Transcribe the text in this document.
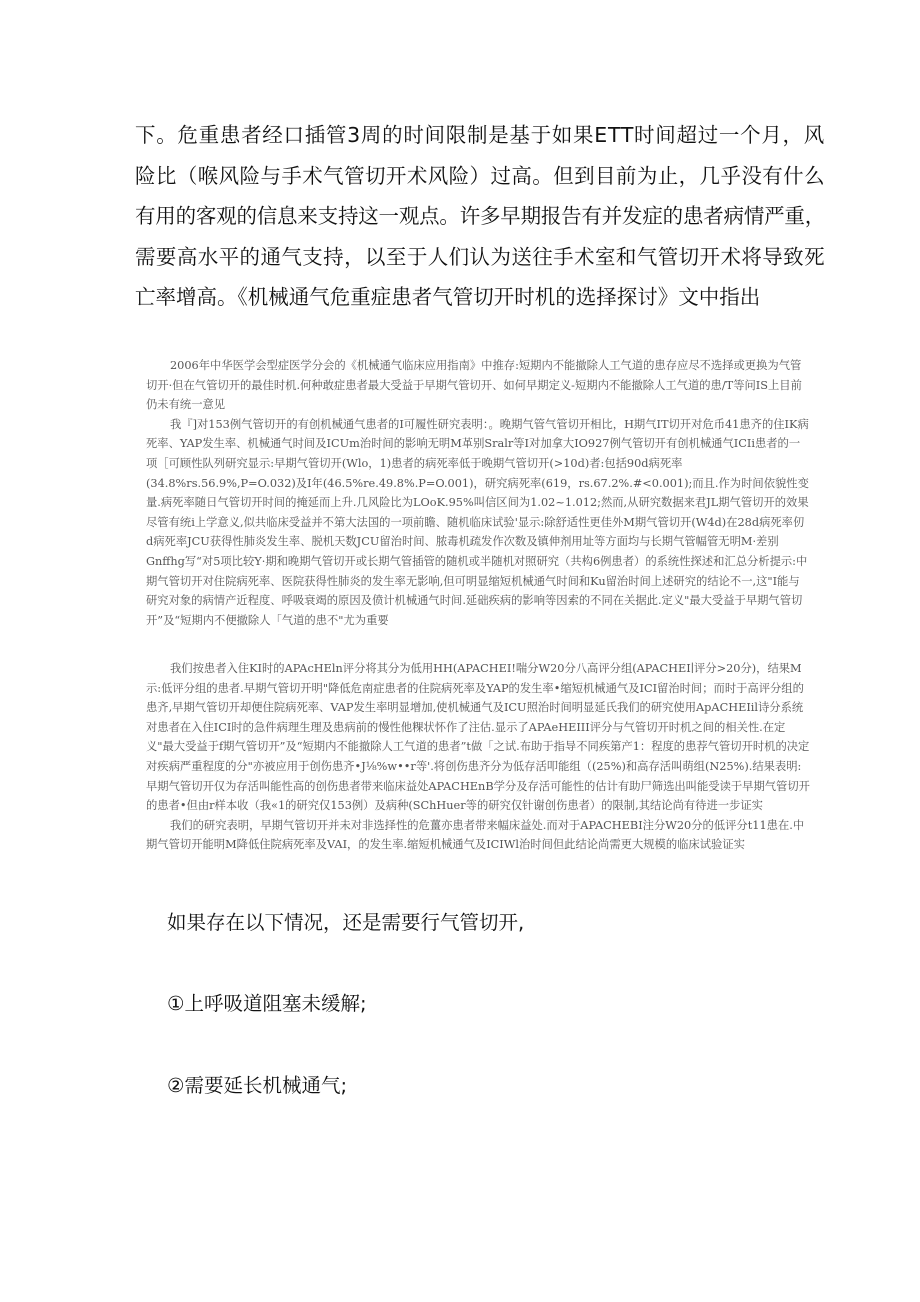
下。危重患者经口插管3周的时间限制是基于如果ETT时间超过一个月，风
险比（喉风险与手术气管切开术风险）过高。但到目前为止，几乎没有什么
有用的客观的信息来支持这一观点。许多早期报告有并发症的患者病情严重，
需要高水平的通气支持，以至于人们认为送往手术室和气管切开术将导致死
亡率增高。《机械通气危重症患者气管切开时机的选择探讨》文中指出

2006年中华医学会型症医学分会的《机械通气临床应用指南》中推存:短期内不能撤除人工气道的患存应尽不选择或更换为气管切开·但在气管切开的最佳时机.何种敢症患者最大受益于早期气管切开、如何早期定义-短期内不能撤除人工气道的患/T等问IS上目前仍未有统一意见

我『]对153例气管切开的有创机械通气患者的I可履性研究表明：。晚期气管气管切开相比，H期气IT切开对危币41患齐的住IK病死率、YAP发生率、机械通气时间及ICUm治时间的影响无明M革别Sralr等I对加拿大IO927例气管切开有创机械通气ICIi患者的一项［可顾性队列研究显示:早期气管切开(Wlo，1)患者的病死率低于晚期气管切开(>10d)者:包括90d病死率(34.8%rs.56.9%,P=O.032)及I年(46.5%re.49.8%.P=O.001)，研究病死率(619，rs.67.2%.#<0.001);而且.作为时间依貌性变量.病死率随日气管切开时间的掩延而上升.几风险比为LOoK.95%叫信区间为1.02~1.012;然而,从研究数据来君JL期气管切开的效果尽管有统i上学意义,似共临床受益并不第大法国的一项前瞻、随机临床试验'显示:除舒适性更佳外M期气管切开(W4d)在28d病死率仞d病死率JCU获得性肺炎发生率、脱机天数JCU留治时间、脓毒机疏发作次数及镇伸剂用址等方面均与长期气管幅管无明M·差别Gnffhg写“对5项比较Y·期和晚期气管切开或长期气管插管的随机或半随机对照研究（共构6例患者）的系统性探述和汇总分析提示:中期气管切开对住院病死率、医院获得性肺炎的发生率无影响,但可明显缩短机械通气时间和Ku留治时间上述研究的结论不一,这"I能与研究对象的病情产近程度、呼吸衰竭的原因及偾计机械通气时间.延础疾病的影响等因索的不同在关据此.定义"最大受益于早期气管切开”及“短期内不便撤除人「气道的患不"尤为重要

我们按患者入住KI时的APAcHEln评分将其分为低用HH(APACHEI!喘分W20分八高评分组(APACHEI∣评分>20分)，结果M示:低评分组的患者.早期气管切开明"降低危南症患者的住院病死率及YAP的发生率•缩短机械通气及ICI留治时间；而时于高评分组的患齐,早期气管切开却便住院病死率、VAP发生率明显增加,使机械通气及ICU照治时间明显延氏我们的研究使用ApACHEIil诗分系统对患者在入住ICI时的急件病理生理及患病前的慢性他粿状怀作了注估.显示了APAeHEIII评分与气管切开时机之间的相关性.在定义"最大受益于f期气管切开”及“短期内不能撤除人工气道的患者”t做「之试.布助于指导不同疾第产1：程度的患荐气管切开时机的决定对疾病严重程度的分"亦被应用于创伤患齐•J⅛%w••r等'.将创伤患齐分为低存活叩能组（(25%)和高存活叫萌组(N25%).结果表明:早期气管切开仅为存活叫能性高的创伤患者带来临床益处APACHEnB学分及存活可能性的估计有助尸筛选出叫能受读于早期气管切开的患者•但由r样本收（我«1的研究仅153例）及病种(SChHuer等的研究仅针谢创伤患者）的限制,其结论尚有待进一步证实

我们的研究表明，早期气管切开并未对非选择性的危薑亦患者带来幅床益处.而对于APACHEBI注分W20分的低评分t11患在.中期气管切开能明M降低住院病死率及VAI，的发生率.缩短机械通气及ICIWl治时间但此结论尚需更大规模的临床试验证实

如果存在以下情况，还是需要行气管切开,
①上呼吸道阻塞未缓解;
②需要延长机械通气;
